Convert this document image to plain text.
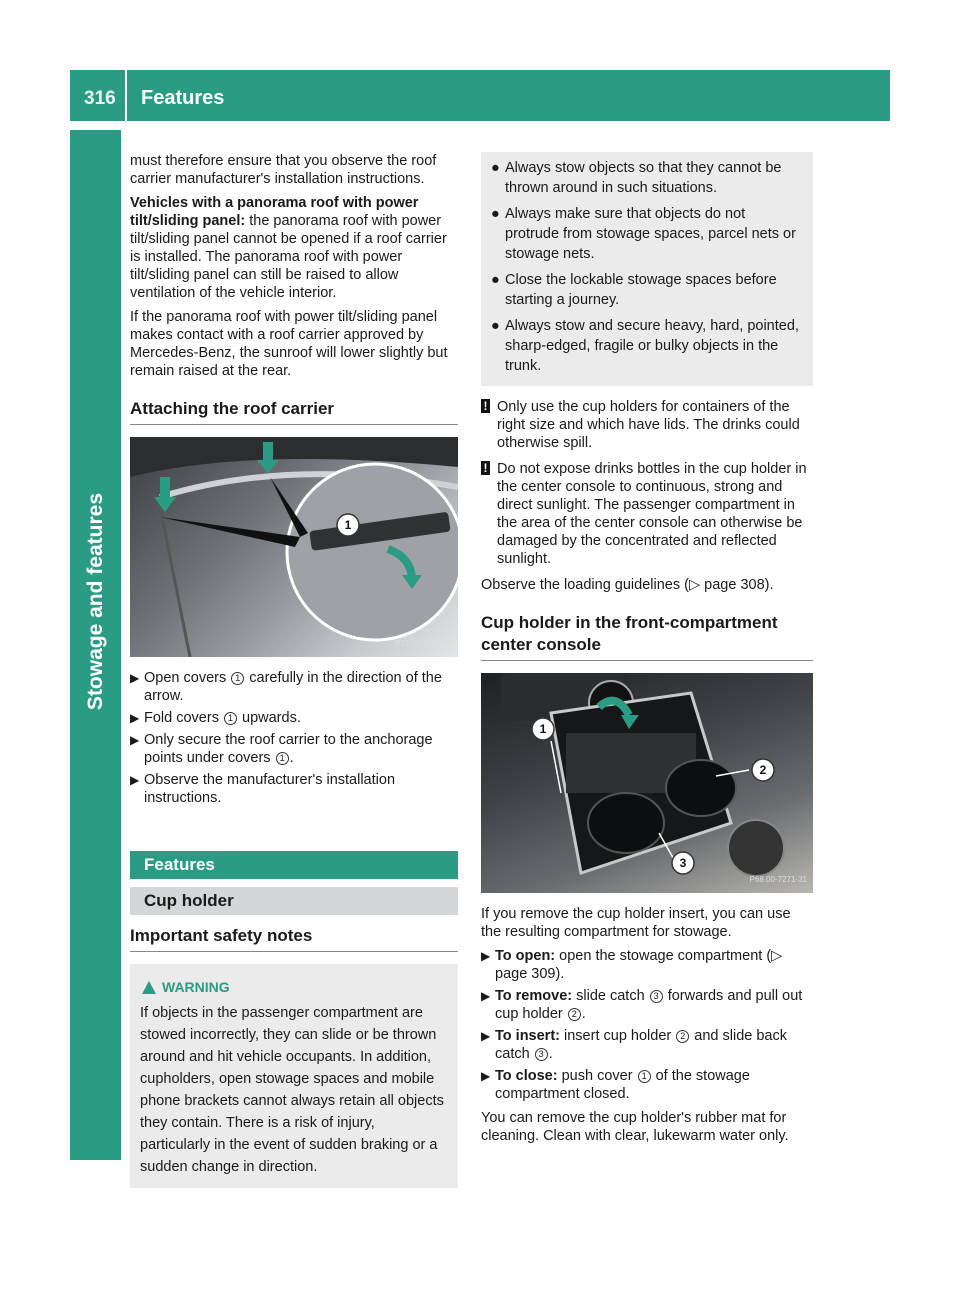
316 Features
Stowage and features

must therefore ensure that you observe the roof carrier manufacturer's installation instructions.

Vehicles with a panorama roof with power tilt/sliding panel: the panorama roof with power tilt/sliding panel cannot be opened if a roof carrier is installed. The panorama roof with power tilt/sliding panel can still be raised to allow ventilation of the vehicle interior.

If the panorama roof with power tilt/sliding panel makes contact with a roof carrier approved by Mercedes-Benz, the sunroof will lower slightly but remain raised at the rear.

Attaching the roof carrier
1
P77.00-2481-31
▶ Open covers 1 carefully in the direction of the arrow.
▶ Fold covers 1 upwards.
▶ Only secure the roof carrier to the anchorage points under covers 1 .
▶ Observe the manufacturer's installation instructions.
Features
Cup holder
Important safety notes
WARNING
If objects in the passenger compartment are stowed incorrectly, they can slide or be thrown around and hit vehicle occupants. In addition, cupholders, open stowage spaces and mobile phone brackets cannot always retain all objects they contain. There is a risk of injury, particularly in the event of sudden braking or a sudden change in direction.
● Always stow objects so that they cannot be thrown around in such situations.
● Always make sure that objects do not protrude from stowage spaces, parcel nets or stowage nets.
● Close the lockable stowage spaces before starting a journey.
● Always stow and secure heavy, hard, pointed, sharp-edged, fragile or bulky objects in the trunk.
! Only use the cup holders for containers of the right size and which have lids. The drinks could otherwise spill.
! Do not expose drinks bottles in the cup holder in the center console to continuous, strong and direct sunlight. The passenger compartment in the area of the center console can otherwise be damaged by the concentrated and reflected sunlight.

Observe the loading guidelines (▷ page 308).

Cup holder in the front-compartment center console
1
2
3
P68.00-7271-31

If you remove the cup holder insert, you can use the resulting compartment for stowage.

▶ To open: open the stowage compartment (▷ page 309).
▶ To remove: slide catch 3 forwards and pull out cup holder 2 .
▶ To insert: insert cup holder 2 and slide back catch 3 .
▶ To close: push cover 1 of the stowage compartment closed.

You can remove the cup holder's rubber mat for cleaning. Clean with clear, lukewarm water only.
